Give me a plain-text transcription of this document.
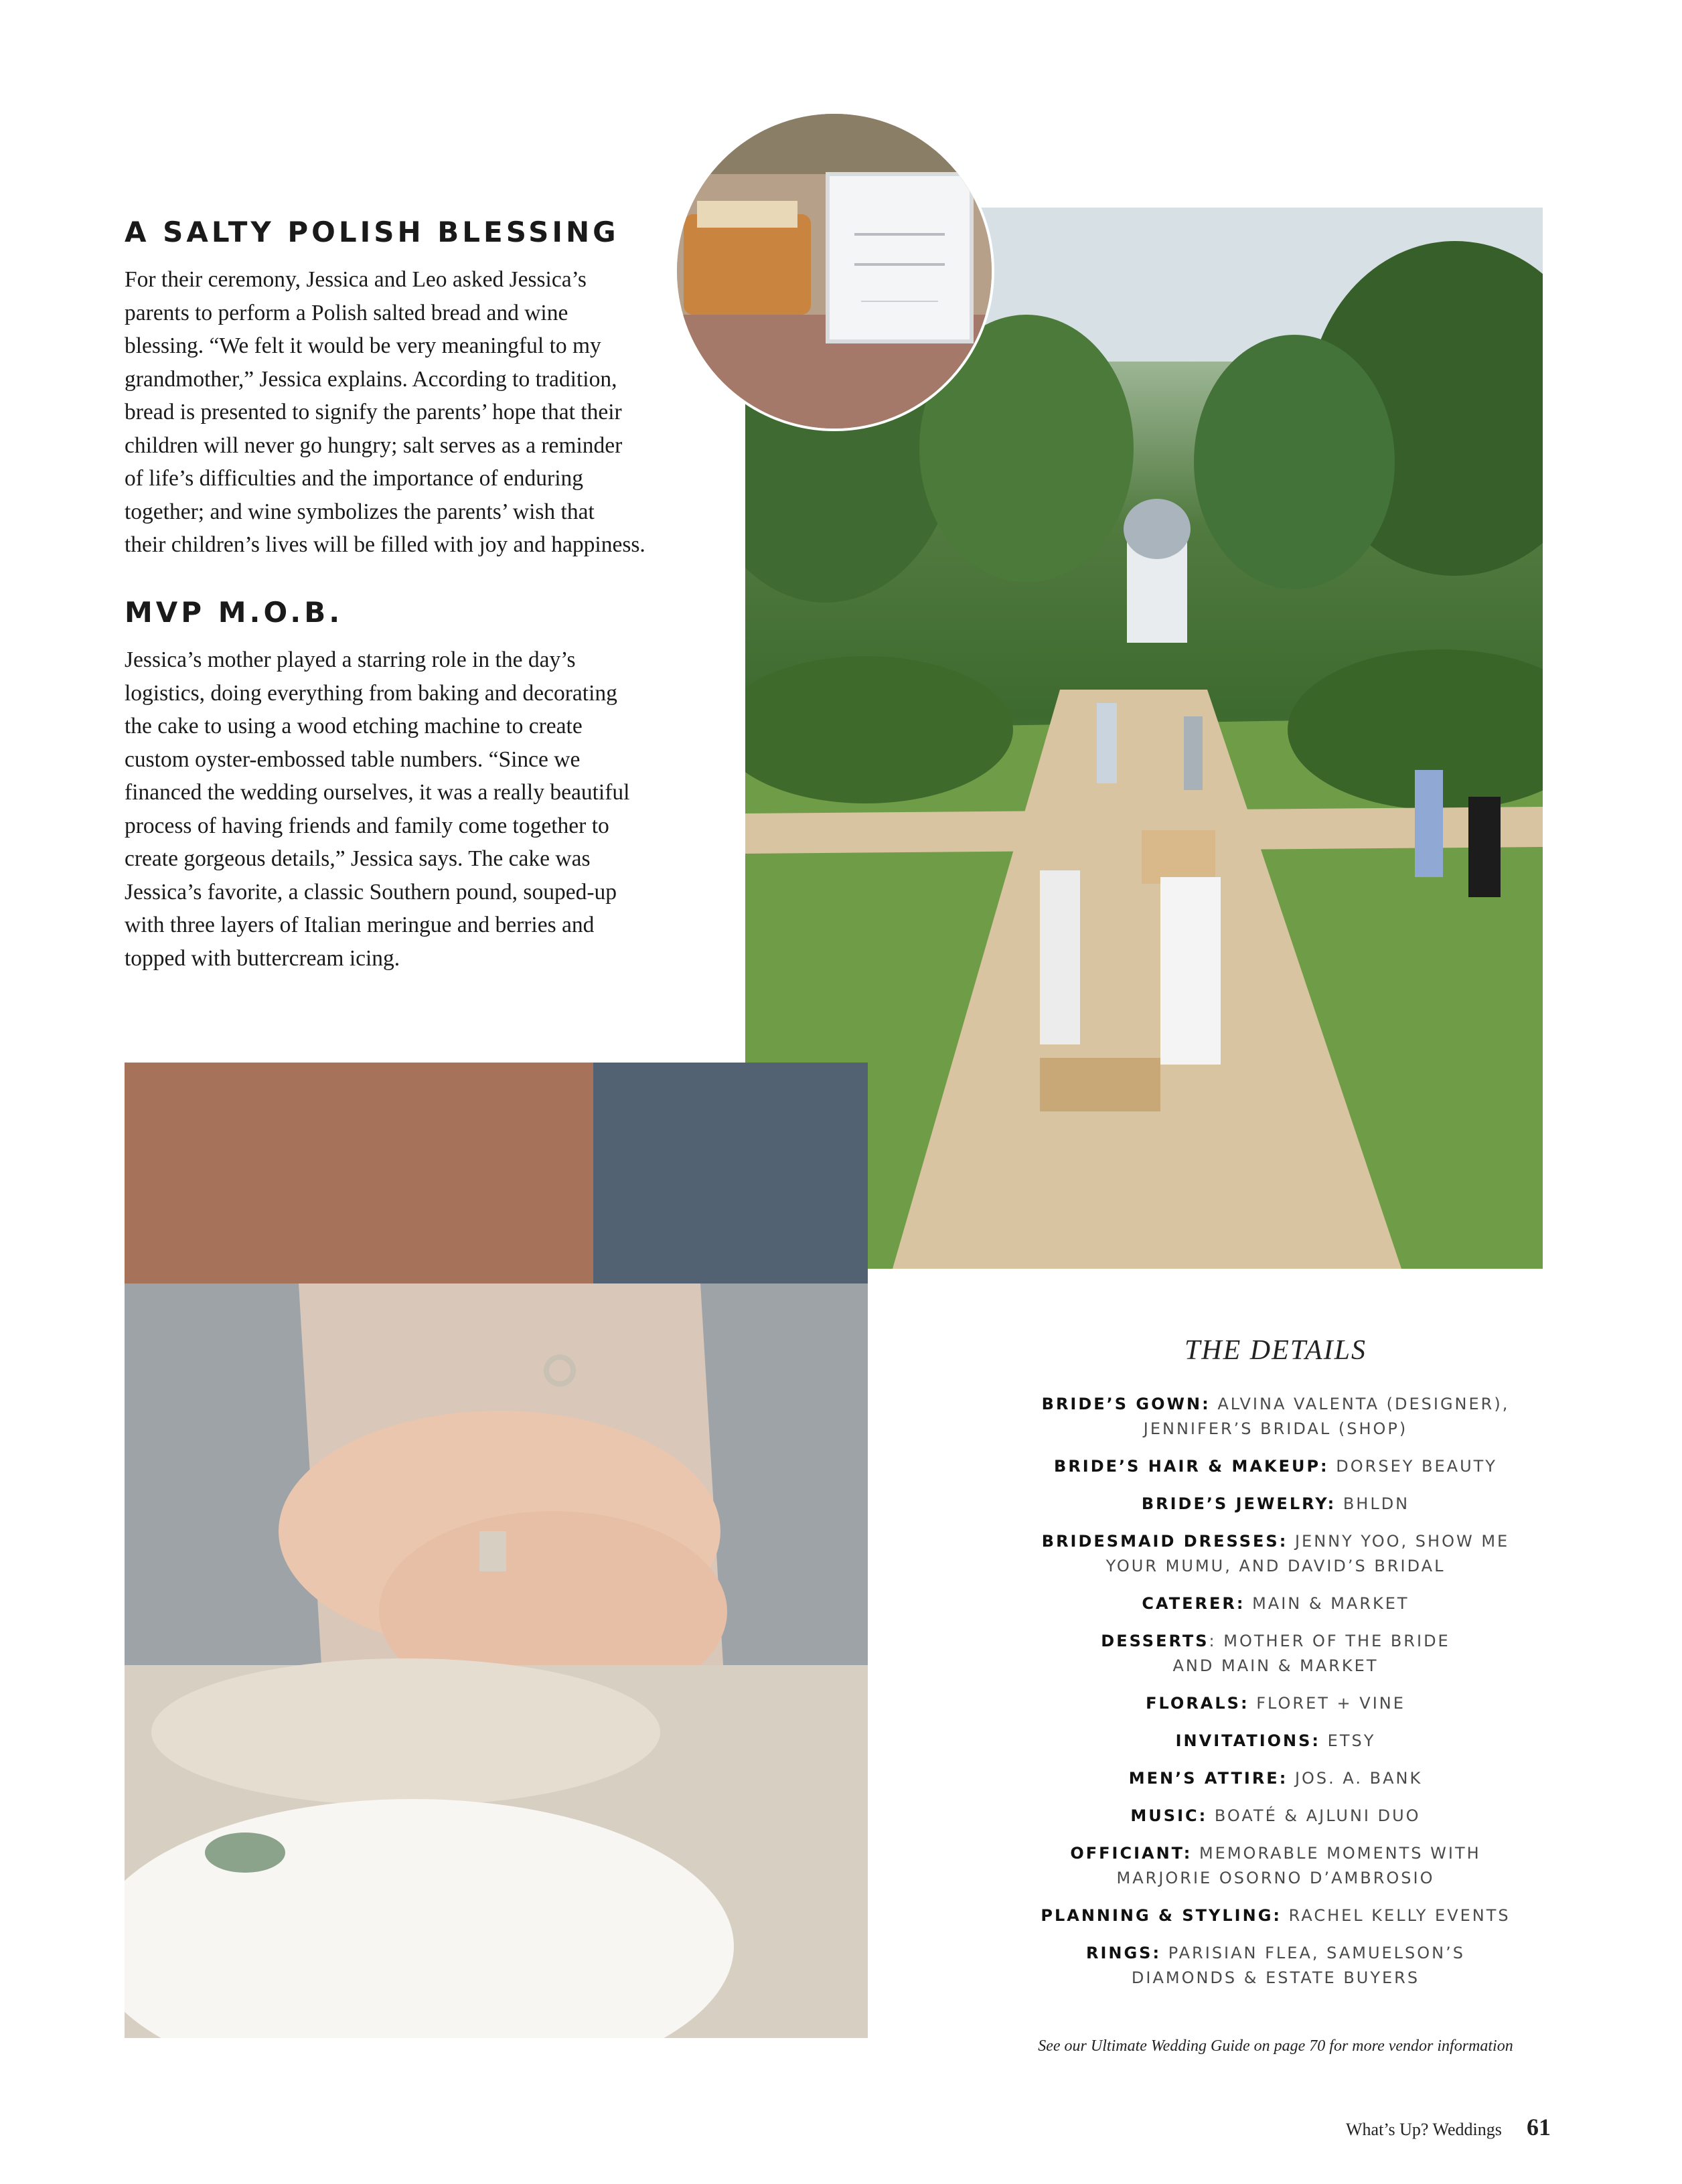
A SALTY POLISH BLESSING
For their ceremony, Jessica and Leo asked Jessica’s
parents to perform a Polish salted bread and wine
blessing. “We felt it would be very meaningful to my
grandmother,” Jessica explains. According to tradition,
bread is presented to signify the parents’ hope that their
children will never go hungry; salt serves as a reminder
of life’s difficulties and the importance of enduring
together; and wine symbolizes the parents’ wish that
their children’s lives will be filled with joy and happiness.
MVP M.O.B.
Jessica’s mother played a starring role in the day’s
logistics, doing everything from baking and decorating
the cake to using a wood etching machine to create
custom oyster-embossed table numbers. “Since we
financed the wedding ourselves, it was a really beautiful
process of having friends and family come together to
create gorgeous details,” Jessica says. The cake was
Jessica’s favorite, a classic Southern pound, souped-up
with three layers of Italian meringue and berries and
topped with buttercream icing.
THE DETAILS
BRIDE’S GOWN: ALVINA VALENTA (DESIGNER),
JENNIFER’S BRIDAL (SHOP)
BRIDE’S HAIR & MAKEUP: DORSEY BEAUTY
BRIDE’S JEWELRY: BHLDN
BRIDESMAID DRESSES: JENNY YOO, SHOW ME
YOUR MUMU, AND DAVID’S BRIDAL
CATERER: MAIN & MARKET
DESSERTS: MOTHER OF THE BRIDE
AND MAIN & MARKET
FLORALS: FLORET + VINE
INVITATIONS: ETSY
MEN’S ATTIRE: JOS. A. BANK
MUSIC: BOATÉ & AJLUNI DUO
OFFICIANT: MEMORABLE MOMENTS WITH
MARJORIE OSORNO D’AMBROSIO
PLANNING & STYLING: RACHEL KELLY EVENTS
RINGS: PARISIAN FLEA, SAMUELSON’S
DIAMONDS & ESTATE BUYERS
See our Ultimate Wedding Guide on page 70 for more vendor information
What’s Up? Weddings 61
